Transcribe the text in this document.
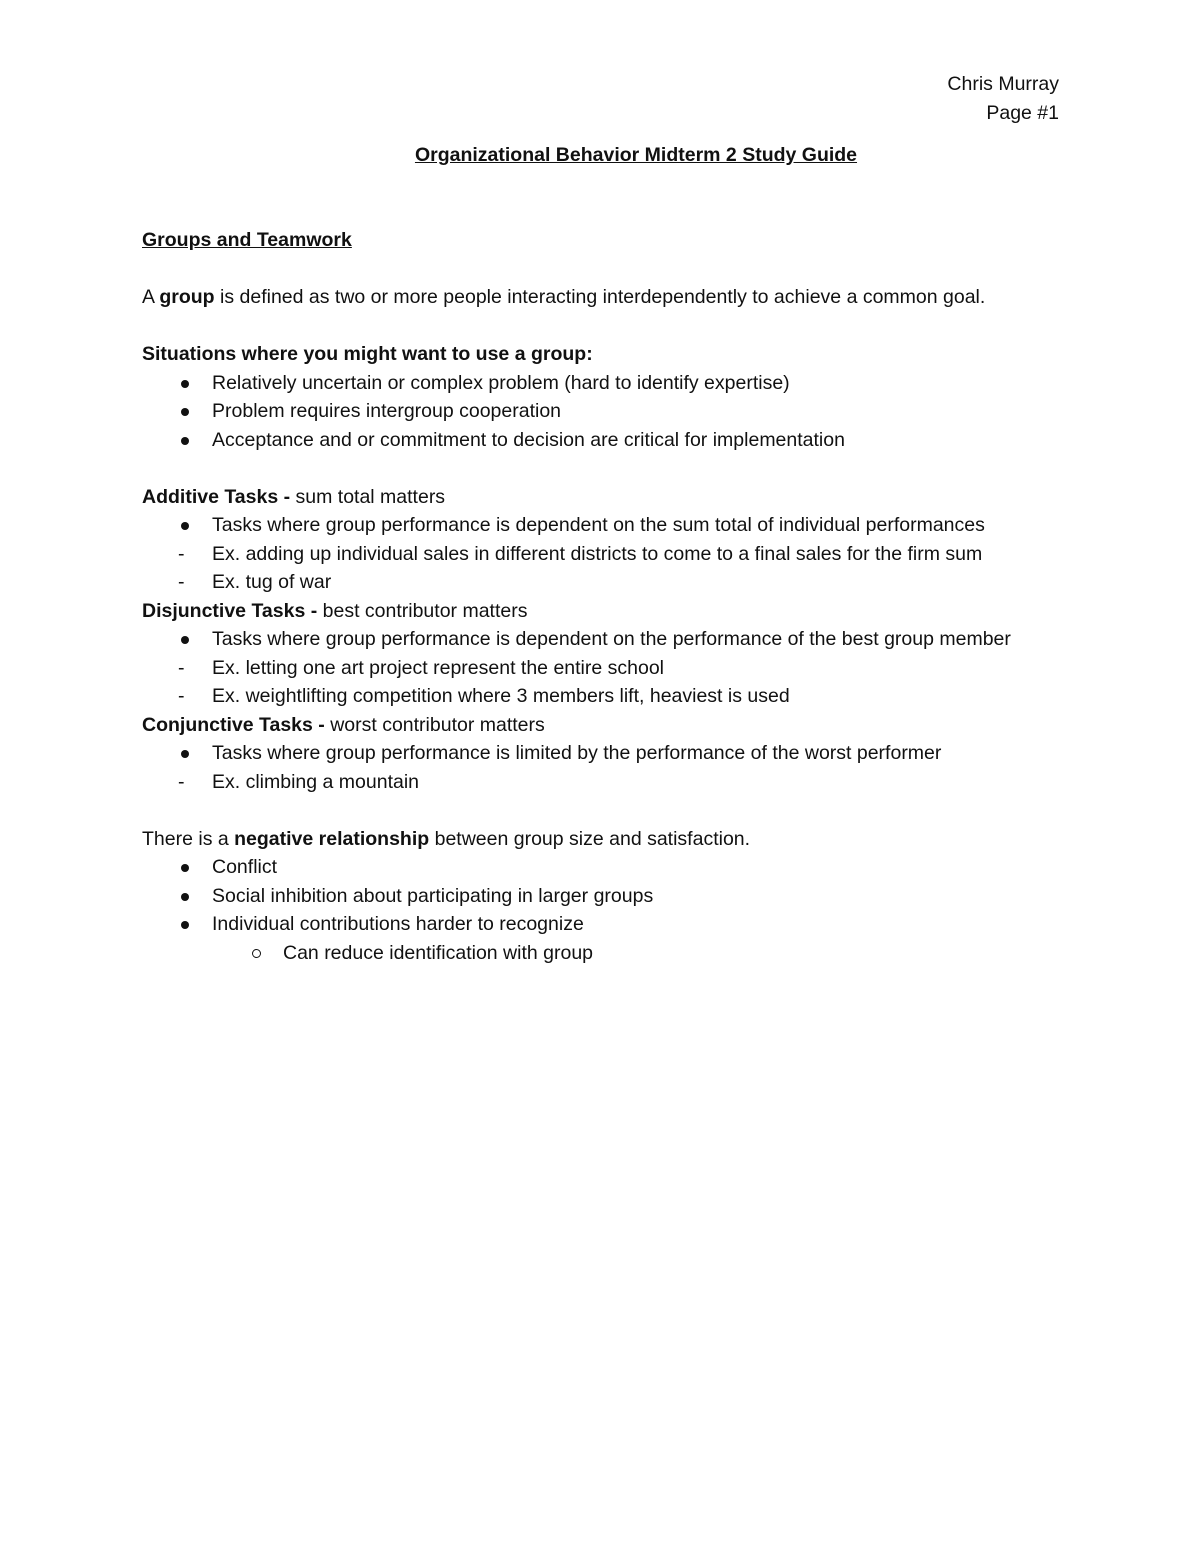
Chris Murray
Page #1
Organizational Behavior Midterm 2 Study Guide
Groups and Teamwork

A group is defined as two or more people interacting interdependently to achieve a common goal.

Situations where you might want to use a group:
Relatively uncertain or complex problem (hard to identify expertise)
Problem requires intergroup cooperation
Acceptance and or commitment to decision are critical for implementation
Additive Tasks - sum total matters
Tasks where group performance is dependent on the sum total of individual performances
- Ex. adding up individual sales in different districts to come to a final sales for the firm sum
- Ex. tug of war
Disjunctive Tasks - best contributor matters
Tasks where group performance is dependent on the performance of the best group member
- Ex. letting one art project represent the entire school
- Ex. weightlifting competition where 3 members lift, heaviest is used
Conjunctive Tasks - worst contributor matters
Tasks where group performance is limited by the performance of the worst performer
- Ex. climbing a mountain

There is a negative relationship between group size and satisfaction.

Conflict
Social inhibition about participating in larger groups
Individual contributions harder to recognize
Can reduce identification with group
